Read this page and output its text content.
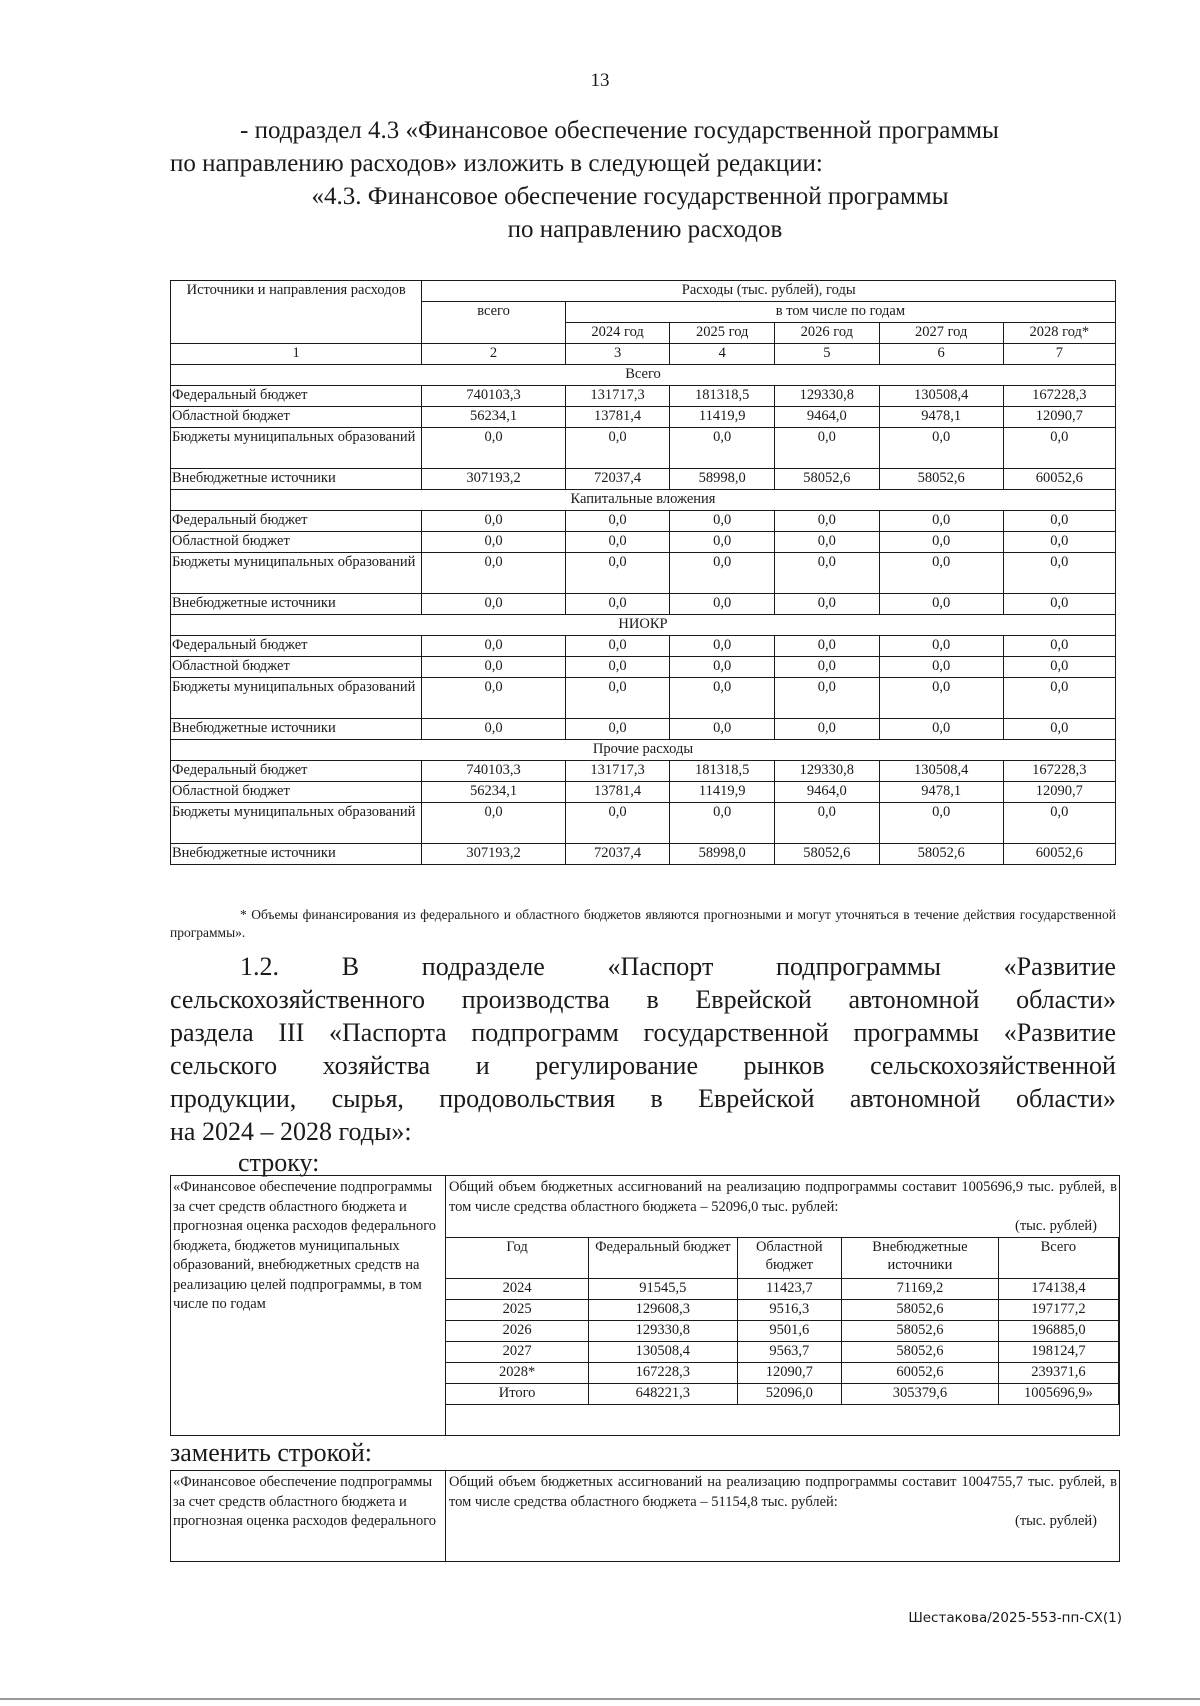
13
- подраздел 4.3 «Финансовое обеспечение государственной программы
по направлению расходов» изложить в следующей редакции:
«4.3. Финансовое обеспечение государственной программы
по направлению расходов
Источники и направления расходов	Расходы (тыс. рублей), годы					
	всего	в том числе по годам				
		2024 год	2025 год	2026 год	2027 год	2028 год*
1	2	3	4	5	6	7
Всего						
Федеральный бюджет	740103,3	131717,3	181318,5	129330,8	130508,4	167228,3
Областной бюджет	56234,1	13781,4	11419,9	9464,0	9478,1	12090,7
Бюджеты муниципальных образований	0,0	0,0	0,0	0,0	0,0	0,0
Внебюджетные источники	307193,2	72037,4	58998,0	58052,6	58052,6	60052,6
Капитальные вложения						
Федеральный бюджет	0,0	0,0	0,0	0,0	0,0	0,0
Областной бюджет	0,0	0,0	0,0	0,0	0,0	0,0
Бюджеты муниципальных образований	0,0	0,0	0,0	0,0	0,0	0,0
Внебюджетные источники	0,0	0,0	0,0	0,0	0,0	0,0
НИОКР						
Федеральный бюджет	0,0	0,0	0,0	0,0	0,0	0,0
Областной бюджет	0,0	0,0	0,0	0,0	0,0	0,0
Бюджеты муниципальных образований	0,0	0,0	0,0	0,0	0,0	0,0
Внебюджетные источники	0,0	0,0	0,0	0,0	0,0	0,0
Прочие расходы						
Федеральный бюджет	740103,3	131717,3	181318,5	129330,8	130508,4	167228,3
Областной бюджет	56234,1	13781,4	11419,9	9464,0	9478,1	12090,7
Бюджеты муниципальных образований	0,0	0,0	0,0	0,0	0,0	0,0
Внебюджетные источники	307193,2	72037,4	58998,0	58052,6	58052,6	60052,6
* Объемы финансирования из федерального и областного бюджетов являются прогнозными и могут уточняться в течение действия государственной программы».
1.2. В подразделе «Паспорт подпрограммы «Развитие
сельскохозяйственного производства в Еврейской автономной области»
раздела III «Паспорта подпрограмм государственной программы «Развитие
сельского хозяйства и регулирование рынков сельскохозяйственной
продукции, сырья, продовольствия в Еврейской автономной области»
на 2024 – 2028 годы»:
строку:
«Финансовое обеспечение подпрограммы за счет средств областного бюджета и прогнозная оценка расходов федерального бюджета, бюджетов муниципальных образований, внебюджетных средств на реализацию целей подпрограммы, в том числе по годам
Общий объем бюджетных ассигнований на реализацию подпрограммы составит 1005696,9 тыс. рублей, в том числе средства областного бюджета – 52096,0 тыс. рублей:
(тыс. рублей)
Год	Федеральный бюджет	Областной бюджет	Внебюджетные источники	Всего
2024	91545,5	11423,7	71169,2	174138,4
2025	129608,3	9516,3	58052,6	197177,2
2026	129330,8	9501,6	58052,6	196885,0
2027	130508,4	9563,7	58052,6	198124,7
2028*	167228,3	12090,7	60052,6	239371,6
Итого	648221,3	52096,0	305379,6	1005696,9»
заменить строкой:
«Финансовое обеспечение подпрограммы за счет средств областного бюджета и прогнозная оценка расходов федерального
Общий объем бюджетных ассигнований на реализацию подпрограммы составит 1004755,7 тыс. рублей, в том числе средства областного бюджета – 51154,8 тыс. рублей:
(тыс. рублей)
Шестакова/2025-553-пп-СХ(1)
